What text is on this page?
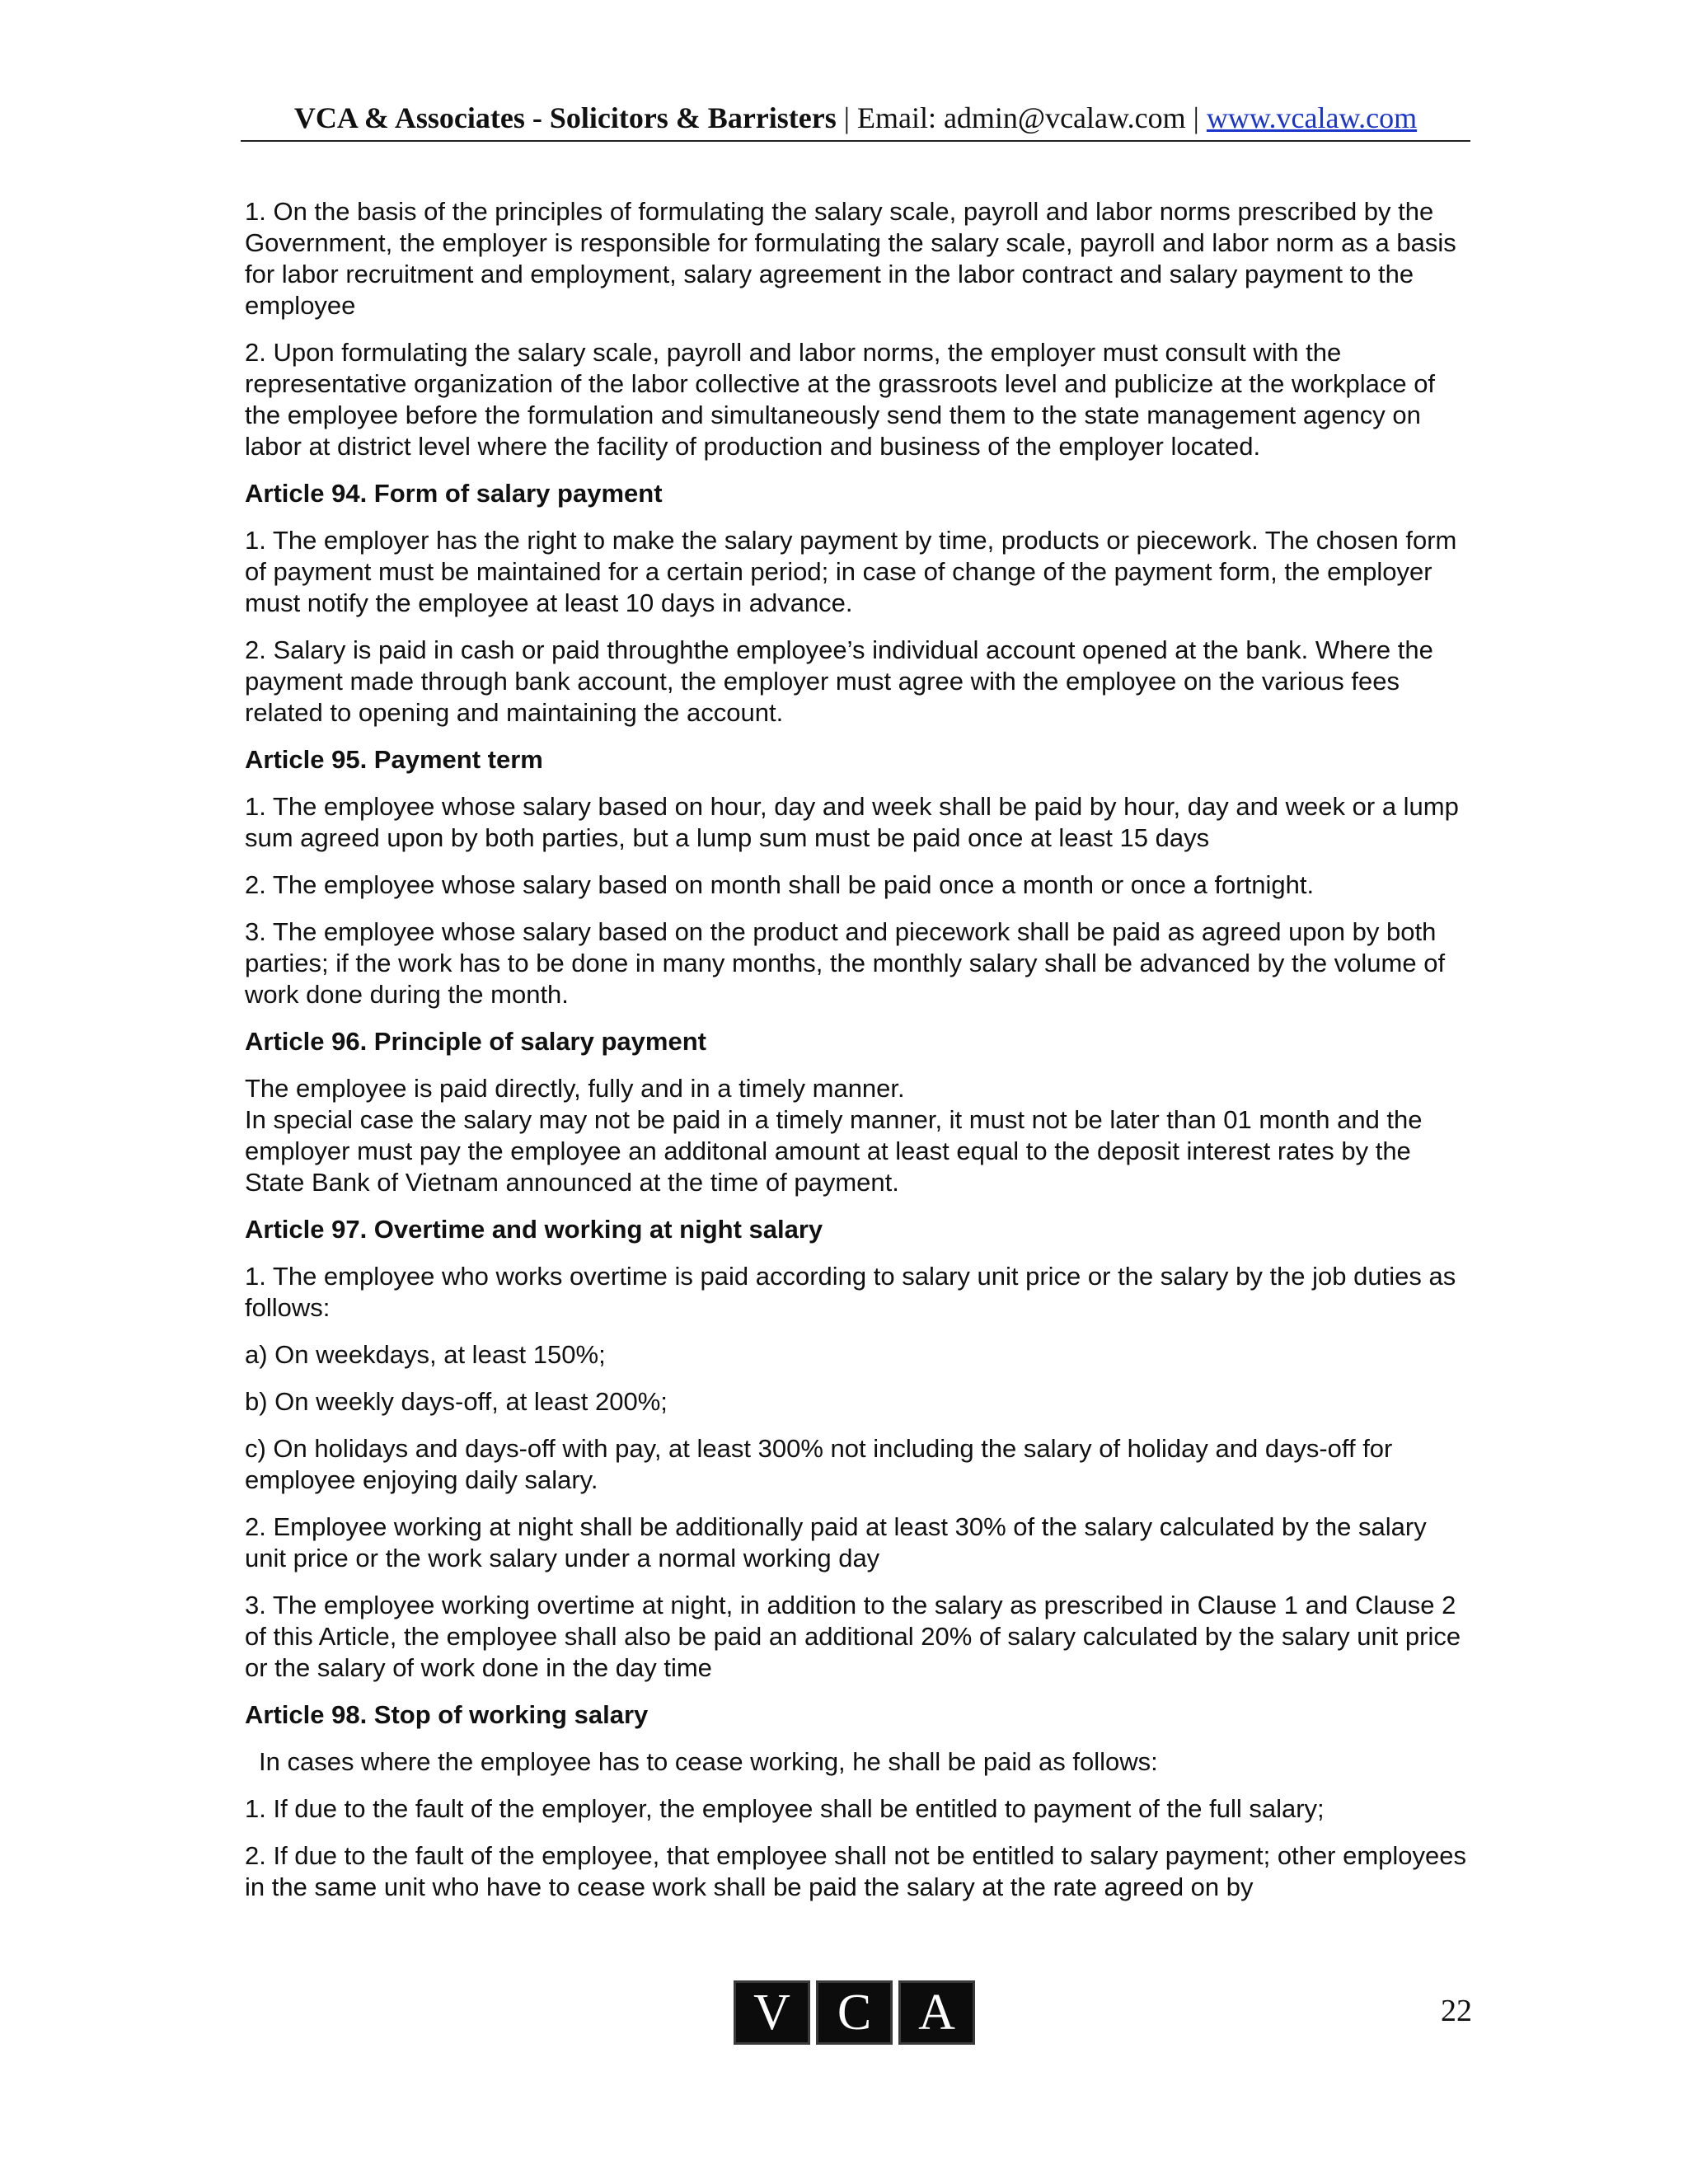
VCA & Associates - Solicitors & Barristers | Email: admin@vcalaw.com | www.vcalaw.com

1. On the basis of the principles of formulating the salary scale, payroll and labor norms prescribed by the Government, the employer is responsible for formulating the salary scale, payroll and labor norm as a basis for labor recruitment and employment, salary agreement in the labor contract and salary payment to the employee

2. Upon formulating the salary scale, payroll and labor norms, the employer must consult with the representative organization of the labor collective at the grassroots level and publicize at the workplace of the employee before the formulation and simultaneously send them to the state management agency on labor at district level where the facility of production and business of the employer located.

Article 94. Form of salary payment

1. The employer has the right to make the salary payment by time, products or piecework. The chosen form of payment must be maintained for a certain period; in case of change of the payment form, the employer must notify the employee at least 10 days in advance.

2. Salary is paid in cash or paid throughthe employee’s individual account opened at the bank. Where the payment made through bank account, the employer must agree with the employee on the various fees related to opening and maintaining the account.

Article 95. Payment term

1. The employee whose salary based on hour, day and week shall be paid by hour, day and week or a lump sum agreed upon by both parties, but a lump sum must be paid once at least 15 days

2. The employee whose salary based on month shall be paid once a month or once a fortnight.

3. The employee whose salary based on the product and piecework shall be paid as agreed upon by both parties; if the work has to be done in many months, the monthly salary shall be advanced by the volume of work done during the month.

Article 96. Principle of salary payment

The employee is paid directly, fully and in a timely manner.

In special case the salary may not be paid in a timely manner, it must not be later than 01 month and the employer must pay the employee an additonal amount at least equal to the deposit interest rates by the State Bank of Vietnam announced at the time of payment.

Article 97. Overtime and working at night salary

1. The employee who works overtime is paid according to salary unit price or the salary by the job duties as follows:

a) On weekdays, at least 150%;

b) On weekly days-off, at least 200%;

c) On holidays and days-off with pay, at least 300% not including the salary of holiday and days-off for employee enjoying daily salary.

2. Employee working at night shall be additionally paid at least 30% of the salary calculated by the salary unit price or the work salary under a normal working day

3. The employee working overtime at night, in addition to the salary as prescribed in Clause 1 and Clause 2 of this Article, the employee shall also be paid an additional 20% of salary calculated by the salary unit price or the salary of work done in the day time

Article 98. Stop of working salary

In cases where the employee has to cease working, he shall be paid as follows:

1. If due to the fault of the employer, the employee shall be entitled to payment of the full salary;

2. If due to the fault of the employee, that employee shall not be entitled to salary payment; other employees in the same unit who have to cease work shall be paid the salary at the rate agreed on by

V C A	22
